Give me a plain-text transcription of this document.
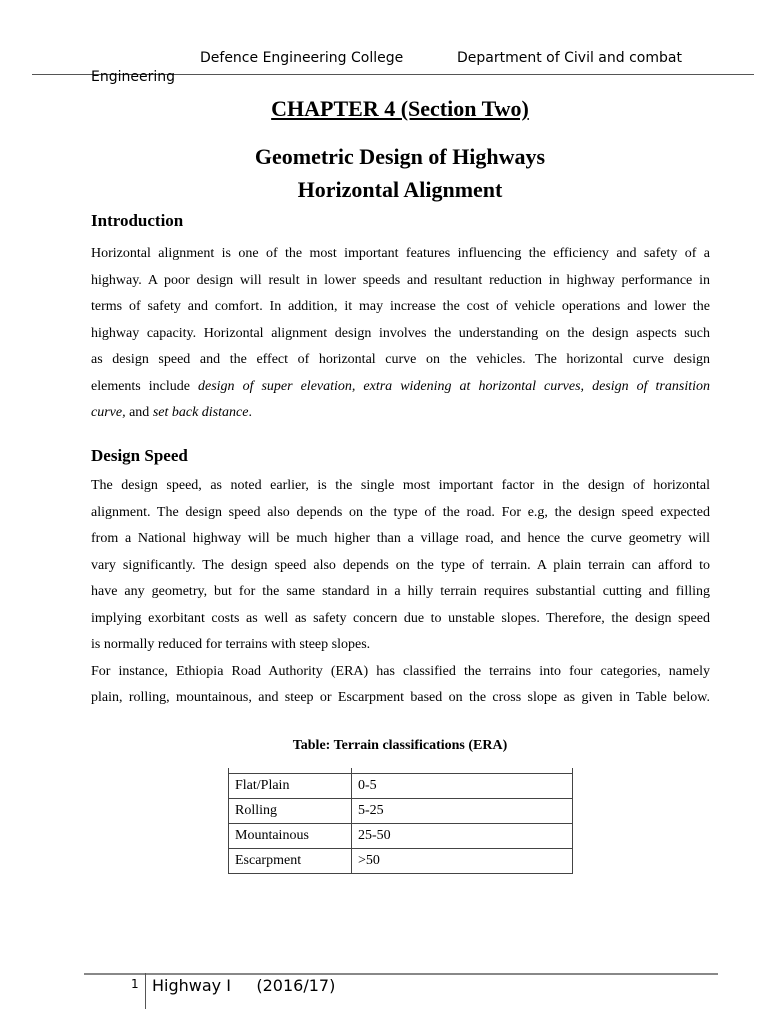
Defence Engineering College	Department of Civil and combat
Engineering
CHAPTER 4 (Section Two)
Geometric Design of Highways
Horizontal Alignment
Introduction
Horizontal alignment is one of the most important features influencing the efficiency and safety of a
highway. A poor design will result in lower speeds and resultant reduction in highway performance in
terms of safety and comfort. In addition, it may increase the cost of vehicle operations and lower the
highway capacity. Horizontal alignment design involves the understanding on the design aspects such
as design speed and the effect of horizontal curve on the vehicles. The horizontal curve design
elements include design of super elevation, extra widening at horizontal curves, design of transition
curve, and set back distance.
Design Speed
The design speed, as noted earlier, is the single most important factor in the design of horizontal
alignment. The design speed also depends on the type of the road. For e.g, the design speed expected
from a National highway will be much higher than a village road, and hence the curve geometry will
vary significantly. The design speed also depends on the type of terrain. A plain terrain can afford to
have any geometry, but for the same standard in a hilly terrain requires substantial cutting and filling
implying exorbitant costs as well as safety concern due to unstable slopes. Therefore, the design speed
is normally reduced for terrains with steep slopes.
For instance, Ethiopia Road Authority (ERA) has classified the terrains into four categories, namely
plain, rolling, mountainous, and steep or Escarpment based on the cross slope as given in Table below.
Table: Terrain classifications (ERA)

Flat/Plain	0-5
Rolling	5-25
Mountainous	25-50
Escarpment	>50
1 Highway I     (2016/17)
